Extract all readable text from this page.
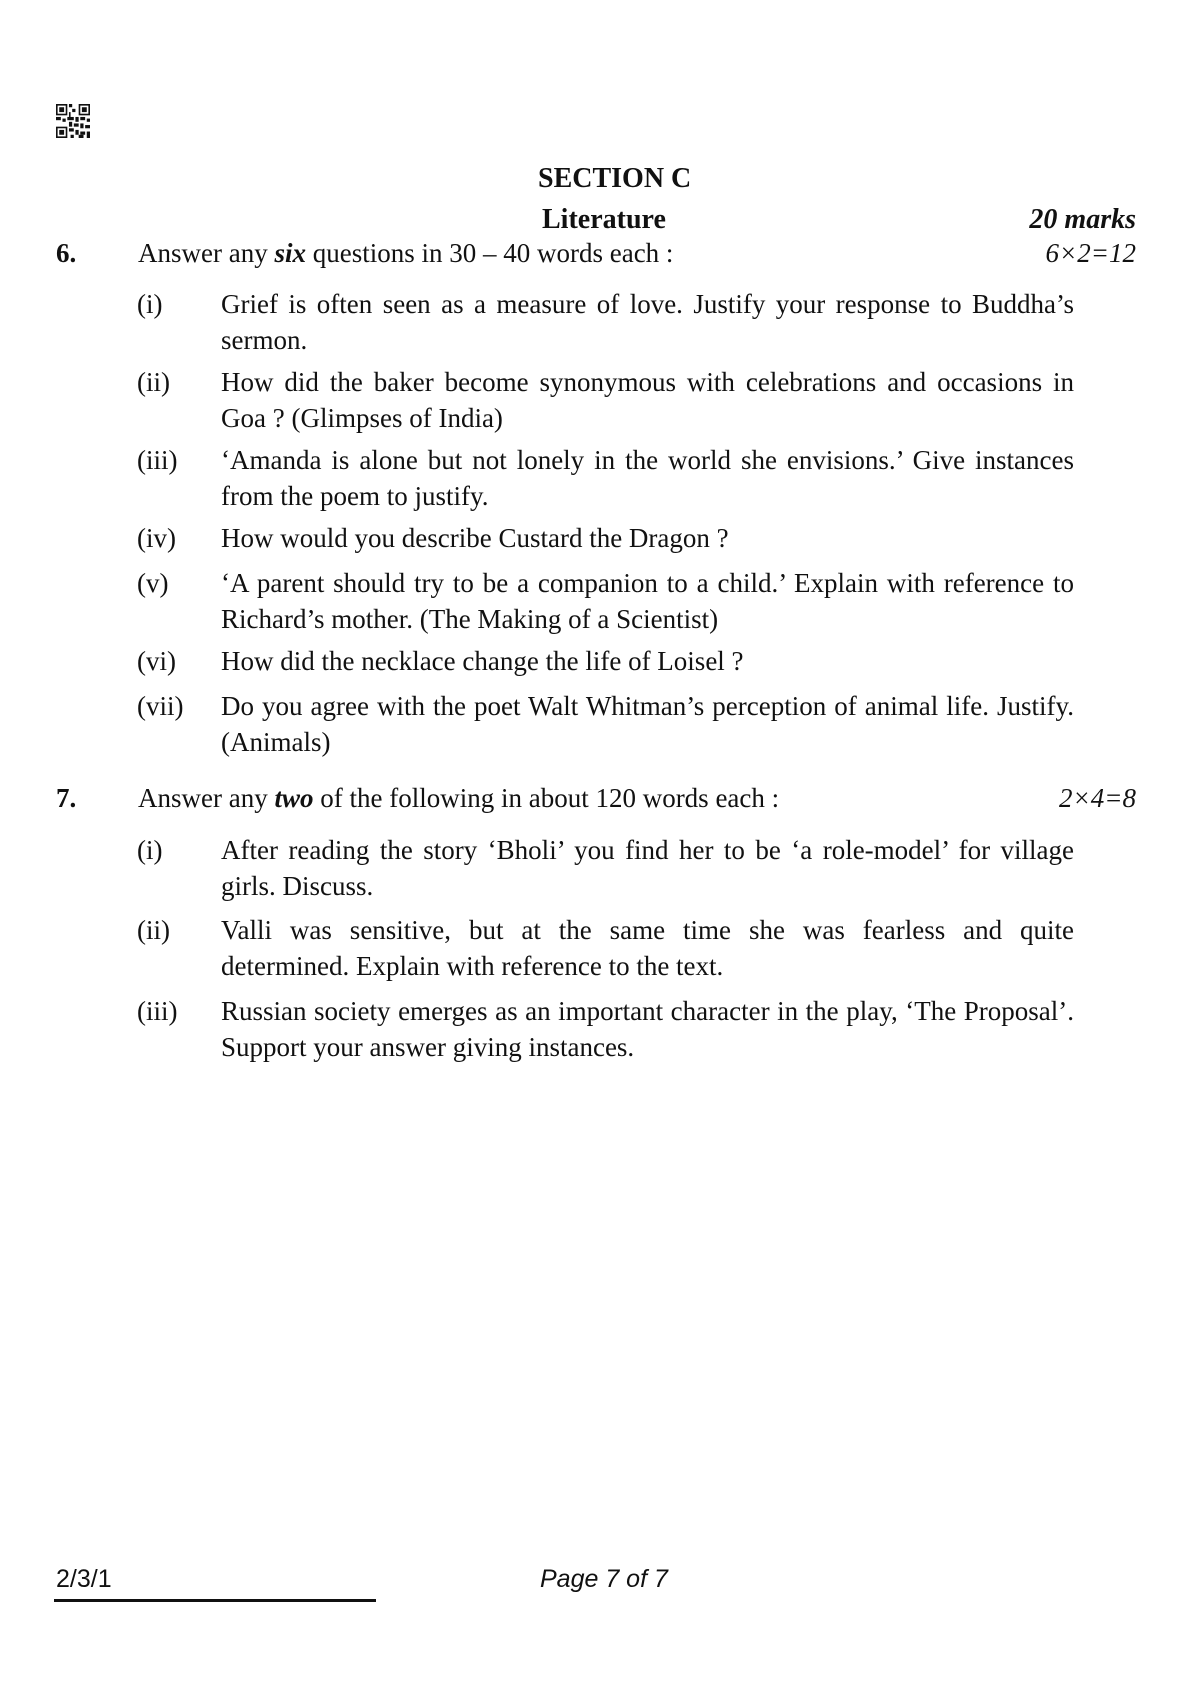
SECTION C
Literature	20 marks
6. Answer any six questions in 30 – 40 words each :	6×2=12
(i) Grief is often seen as a measure of love. Justify your response to Buddha’s sermon.
(ii) How did the baker become synonymous with celebrations and occasions in Goa ? (Glimpses of India)
(iii) ‘Amanda is alone but not lonely in the world she envisions.’ Give instances from the poem to justify.
(iv) How would you describe Custard the Dragon ?
(v) ‘A parent should try to be a companion to a child.’ Explain with reference to Richard’s mother. (The Making of a Scientist)
(vi) How did the necklace change the life of Loisel ?
(vii) Do you agree with the poet Walt Whitman’s perception of animal life. Justify. (Animals)
7. Answer any two of the following in about 120 words each :	2×4=8
(i) After reading the story ‘Bholi’ you find her to be ‘a role-model’ for village girls. Discuss.
(ii) Valli was sensitive, but at the same time she was fearless and quite determined. Explain with reference to the text.
(iii) Russian society emerges as an important character in the play, ‘The Proposal’. Support your answer giving instances.
2/3/1	Page 7 of 7
